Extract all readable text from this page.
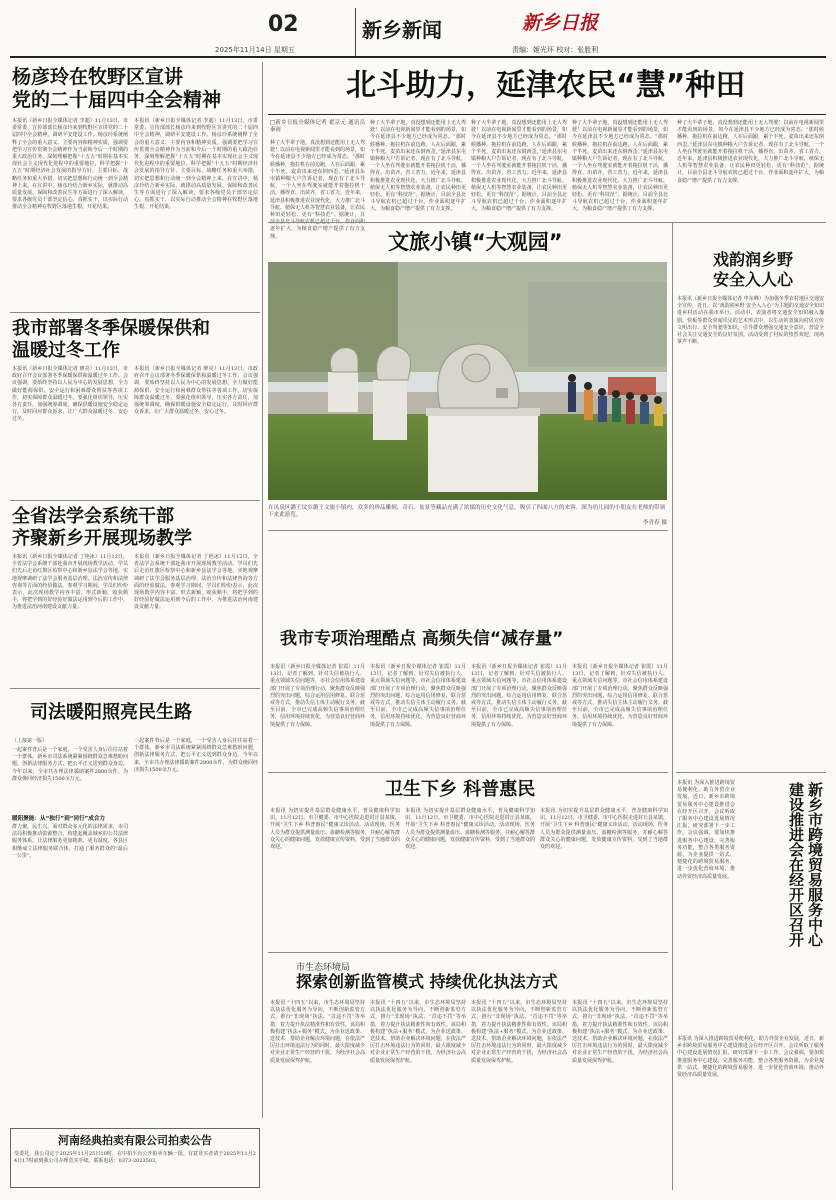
02
2025年11月14日 星期五
新乡新闻	新乡日报
责编：姬光环 校对：张胜利
杨彦玲在牧野区宣讲
党的二十届四中全会精神
本报讯（新乡日报全媒体记者 李超）11月13日，市委常委、宣传部部长杨彦玲来到牧野区宣讲党的二十届四中全会精神，调研平安建设工作。杨彦玲系统阐释了全会的重大意义、主要内容和精神实质，强调要把学习宣传贯彻全会精神作为当前和今后一个时期的重大政治任务，深刻理解把握“十五五”时期在基本实现社会主义现代化进程中的重要地位，科学把握“十五五”时期经济社会发展的指导方针、主要目标、战略任务和重大举措，切实把思想和行动统一到全会精神上来。在宣讲中，杨彦玲结合新乡实际，就推动高质量发展、保障和改善民生等方面进行了深入解读，要求各级党员干部坚定信心、真抓实干，以实际行动推动全会精神在牧野区落地生根、开花结果。
本报讯（新乡日报全媒体记者 李超）11月13日，市委常委、宣传部部长杨彦玲来到牧野区宣讲党的二十届四中全会精神，调研平安建设工作。杨彦玲系统阐释了全会的重大意义、主要内容和精神实质，强调要把学习宣传贯彻全会精神作为当前和今后一个时期的重大政治任务，深刻理解把握“十五五”时期在基本实现社会主义现代化进程中的重要地位，科学把握“十五五”时期经济社会发展的指导方针、主要目标、战略任务和重大举措，切实把思想和行动统一到全会精神上来。在宣讲中，杨彦玲结合新乡实际，就推动高质量发展、保障和改善民生等方面进行了深入解读，要求各级党员干部坚定信心、真抓实干，以实际行动推动全会精神在牧野区落地生根、开花结果。
我市部署冬季保暖保供和
温暖过冬工作
本报讯（新乡日报全媒体记者 廖亮）11月13日，市政府召开会议部署冬季保暖保供和温暖过冬工作。会议强调，要始终坚持以人民为中心的发展思想，全力做好能源保供、安全运行和困难群众帮扶等各项工作，切实保障群众温暖过冬。要强化组织领导，压实各方责任，加强统筹调度，确保供暖设施安全稳定运行，及时回应群众诉求，让广大群众温暖过冬、安心过冬。
本报讯（新乡日报全媒体记者 廖亮）11月13日，市政府召开会议部署冬季保暖保供和温暖过冬工作。会议强调，要始终坚持以人民为中心的发展思想，全力做好能源保供、安全运行和困难群众帮扶等各项工作，切实保障群众温暖过冬。要强化组织领导，压实各方责任，加强统筹调度，确保供暖设施安全稳定运行，及时回应群众诉求，让广大群众温暖过冬、安心过冬。
全省法学会系统干部
齐聚新乡开展现场教学
本报讯（新乡日报全媒体记者 丁艳冰）11月12日，全省法学会系统干部赴我市开展现场教学活动。学员们先后走访红旗区检察中心和新乡县法学会等地，实地观摩调研了法学会服务基层治理、法治宣传和法律咨询等方面的经验做法。参观学习期间，学员们纷纷表示，此次现场教学内容丰富、形式新颖，收获颇丰，将把学到的好经验好做法运用到今后的工作中，为推进法治河南建设贡献力量。
本报讯（新乡日报全媒体记者 丁艳冰）11月12日，全省法学会系统干部赴我市开展现场教学活动。学员们先后走访红旗区检察中心和新乡县法学会等地，实地观摩调研了法学会服务基层治理、法治宣传和法律咨询等方面的经验做法。参观学习期间，学员们纷纷表示，此次现场教学内容丰富、形式新颖，收获颇丰，将把学到的好经验好做法运用到今后的工作中，为推进法治河南建设贡献力量。
司法暖阳照亮民生路
（上接第一版）
一起案件背后是一个家庭，一个受害人身后往往站着一个群体。新乡市司法系统紧紧围绕群众急难愁盼问题，创新法律服务方式，把公平正义送到群众身边。今年以来，全市共办理法律援助案件2800余件，为群众挽回经济损失1500余万元。
暖阳聚能：从“独行”到“同行”成合力
群力聚，民生兴。面对群众多元化的法律需求，市司法局积极推动资源整合，构建起覆盖城乡的公共法律服务体系，让法律服务更加精准、更有温度。各县区相继成立法律服务联合体，打通了服务群众的“最后一公里”。
一起案件背后是一个家庭，一个受害人身后往往站着一个群体。新乡市司法系统紧紧围绕群众急难愁盼问题，创新法律服务方式，把公平正义送到群众身边。今年以来，全市共办理法律援助案件2800余件，为群众挽回经济损失1500余万元。
河南经典拍卖有限公司拍卖公告
受委托，我公司定于2025年11月25日10时，在中拍平台公开拍卖车辆一批。有意竞买者请于2025年11月24日17时前到我公司办理竞买手续。联系电话：0373-2023503。
北斗助力，延津农民“慧”种田
□新乡日报全媒体记者 翟京元 通讯员 秦雨
种了大半辈子地，真没想到还能用上无人驾驶！以前在电视新闻里才能看到的场景，如今在延津县不少地方已经成为常态。“那时候播种，拖拉机在前边跑，人在后面跟，累个半死，麦苗出来还东倒西歪。”延津县东屯镇种粮大户告诉记者，现在有了北斗导航，一个人坐在驾驶室就能开着拖拉机干活，播得直、出苗齐，省工省力。近年来，延津县积极推进农业现代化，大力推广北斗导航、植保无人机等智慧农业装备，让农民种田更轻松、更有“科技范”。据统计，目 逐年扩大，为粮食稳产增产提供了有力支撑。
种了大半辈子地，真没想到还能用上无人驾驶！以前在电视新闻里才能看到的场景，如今在延津县不少地方已经成为常态。“那时候播种，拖拉机在前边跑，人在后面跟，累个半死，麦苗出来还东倒西歪。”延津县东屯镇种粮大户告诉记者，现在有了北斗导航，一个人坐在驾驶室就能开着拖拉机干活，播得直、出苗齐，省工省力。近年来，延津县积极推进农业现代化，大力推广北斗导航、植保无人机等智慧农业装备，让农民种田更轻松、更有“科技范”。据统计，目前全县北斗导航农机已超过千台，作业面积逐年扩大，为粮食稳产增产提供了有力支撑。
种了大半辈子地，真没想到还能用上无人驾驶！以前在电视新闻里才能看到的场景，如今在延津县不少地方已经成为常态。“那时候播种，拖拉机在前边跑，人在后面跟，累个半死，麦苗出来还东倒西歪。”延津县东屯镇种粮大户告诉记者，现在有了北斗导航，一个人坐在驾驶室就能开着拖拉机干活，播得直、出苗齐，省工省力。近年来，延津县积极推进农业现代化，大力推广北斗导航、植保无人机等智慧农业装备，让农民种田更轻松、更有“科技范”。据统计，目前全县北斗导航农机已超过千台，作业面积逐年扩大，为粮食稳产增产提供了有力支撑。
种了大半辈子地，真没想到还能用上无人驾驶！以前在电视新闻里才能看到的场景，如今在延津县不少地方已经成为常态。“那时候播种，拖拉机在前边跑，人在后面跟，累个半死，麦苗出来还东倒西歪。”延津县东屯镇种粮大户告诉记者，现在有了北斗导航，一个人坐在驾驶室就能开着拖拉机干活，播得直、出苗齐，省工省力。近年来，延津县积极推进农业现代化，大力推广北斗导航、植保无人机等智慧农业装备，让农民种田更轻松、更有“科技范”。据统计，目前全县北斗导航农机已超过千台，作业面积逐年扩大，为粮食稳产增产提供了有力支撑。
种了大半辈子地，真没想到还能用上无人驾驶！以前在电视新闻里才能看到的场景，如今在延津县不少地方已经成为常态。“那时候播种，拖拉机在前边跑，人在后面跟，累个半死，麦苗出来还东倒西歪。”延津县东屯镇种粮大户告诉记者，现在有了北斗导航，一个人坐在驾驶室就能开着拖拉机干活，播得直、出苗齐，省工省力。近年来，延津县积极推进农业现代化，大力推广北斗导航、植保无人机等智慧农业装备，让农民种田更轻松、更有“科技范”。据统计，目前全县北斗导航农机已超过千台，作业面积逐年扩大，为粮食稳产增产提供了有力支撑。
文旅小镇“大观园”
在凤泉区潞王坟乡潞王文旅小镇内，众多的珍品雕刻、奇石、盆景等藏品充满了浓郁的历史文化气息，吸引了四面八方的来客。图为幼儿园的小朋友在老师的带领下来此游览。
李青春 摄
戏韵润乡野
安全入人心
本报讯（新乡日报全媒体记者 申东峰）为加强冬季农村地区交通安全宣传，近日，以“戏韵润乡野 安全入人心”为主题的交通安全知识进乡村活动在我市举行。活动中，表演者将交通安全知识融入豫剧、快板等群众喜闻乐见的艺术形式中，以生动的表演向村民宣传文明出行、安全驾驶等知识，引导群众增强交通安全意识，营造全社会关注交通安全的良好氛围。活动受到了村民的热烈欢迎，现场掌声不断。
我市专项治理酷点 高频失信“减存量”
本报讯（新乡日报全媒体记者 崔霞）11月13日，记者了解到，针对失信被执行人、重点领域失信问题等，市社会信用体系建设部门开展了专项治理行动，聚焦群众反映强烈的突出问题，综合运用信用修复、联合惩戒等方式，推动失信主体主动履行义务。截至目前，全市已完成高频失信事项治理任务，信用环境持续优化，为营造良好营商环境提供了有力保障。
本报讯（新乡日报全媒体记者 崔霞）11月13日，记者了解到，针对失信被执行人、重点领域失信问题等，市社会信用体系建设部门开展了专项治理行动，聚焦群众反映强烈的突出问题，综合运用信用修复、联合惩戒等方式，推动失信主体主动履行义务。截至目前，全市已完成高频失信事项治理任务，信用环境持续优化，为营造良好营商环境提供了有力保障。
本报讯（新乡日报全媒体记者 崔霞）11月13日，记者了解到，针对失信被执行人、重点领域失信问题等，市社会信用体系建设部门开展了专项治理行动，聚焦群众反映强烈的突出问题，综合运用信用修复、联合惩戒等方式，推动失信主体主动履行义务。截至目前，全市已完成高频失信事项治理任务，信用环境持续优化，为营造良好营商环境提供了有力保障。
本报讯（新乡日报全媒体记者 崔霞）11月13日，记者了解到，针对失信被执行人、重点领域失信问题等，市社会信用体系建设部门开展了专项治理行动，聚焦群众反映强烈的突出问题，综合运用信用修复、联合惩戒等方式，推动失信主体主动履行义务。截至目前，全市已完成高频失信事项治理任务，信用环境持续优化，为营造良好营商环境提供了有力保障。
卫生下乡 科普惠民
本报讯 为切实提升基层群众健康水平，普及健康科学知识，11月12日，市卫健委、市中心医院走进封丘县某镇，开展“卫生下乡 科普惠民”健康义诊活动。活动现场，医务人员为群众提供测量血压、血糖检测等服务，并耐心解答群众关心的健康问题，发放健康宣传资料，受到了当地群众的欢迎。
本报讯 为切实提升基层群众健康水平，普及健康科学知识，11月12日，市卫健委、市中心医院走进封丘县某镇，开展“卫生下乡 科普惠民”健康义诊活动。活动现场，医务人员为群众提供测量血压、血糖检测等服务，并耐心解答群众关心的健康问题，发放健康宣传资料，受到了当地群众的欢迎。
本报讯 为切实提升基层群众健康水平，普及健康科学知识，11月12日，市卫健委、市中心医院走进封丘县某镇，开展“卫生下乡 科普惠民”健康义诊活动。活动现场，医务人员为群众提供测量血压、血糖检测等服务，并耐心解答群众关心的健康问题，发放健康宣传资料，受到了当地群众的欢迎。
市生态环境局
探索创新监管模式 持续优化执法方式
本报讯 “十四五”以来，市生态环境局坚持以执法优化服务为导向，不断创新监管方式，推行“非现场”执法、“首违不罚”等举措，着力提升执法精准性和有效性。该局积极构建“执法+服务”模式，为企业送政策、送技术，帮助企业解决环境问题，在依法严厉打击环境违法行为的同时，最大限度减少对企业正常生产经营的干扰，为经济社会高质量发展保驾护航。
本报讯 “十四五”以来，市生态环境局坚持以执法优化服务为导向，不断创新监管方式，推行“非现场”执法、“首违不罚”等举措，着力提升执法精准性和有效性。该局积极构建“执法+服务”模式，为企业送政策、送技术，帮助企业解决环境问题，在依法严厉打击环境违法行为的同时，最大限度减少对企业正常生产经营的干扰，为经济社会高质量发展保驾护航。
本报讯 “十四五”以来，市生态环境局坚持以执法优化服务为导向，不断创新监管方式，推行“非现场”执法、“首违不罚”等举措，着力提升执法精准性和有效性。该局积极构建“执法+服务”模式，为企业送政策、送技术，帮助企业解决环境问题，在依法严厉打击环境违法行为的同时，最大限度减少对企业正常生产经营的干扰，为经济社会高质量发展保驾护航。
本报讯 “十四五”以来，市生态环境局坚持以执法优化服务为导向，不断创新监管方式，推行“非现场”执法、“首违不罚”等举措，着力提升执法精准性和有效性。该局积极构建“执法+服务”模式，为企业送政策、送技术，帮助企业解决环境问题，在依法严厉打击环境违法行为的同时，最大限度减少对企业正常生产经营的干扰，为经济社会高质量发展保驾护航。
新乡市跨境贸易服务中心
建设推进会在经开区召开
本报讯 为深入推进跨境贸易便利化，助力外贸企业发展，近日，新乡市跨境贸易服务中心建设推进会在经开区召开。会议听取了服务中心建设进展情况汇报，研究部署下一步工作。会议强调，要加快推进服务中心建设，完善服务功能，整合各类服务资源，为企业提供一站式、便捷化的跨境贸易服务，进一步优化营商环境，推动外贸经济高质量发展。
本报讯 为深入推进跨境贸易便利化，助力外贸企业发展，近日，新乡市跨境贸易服务中心建设推进会在经开区召开。会议听取了服务中心建设进展情况汇报，研究部署下一步工作。会议强调，要加快推进服务中心建设，完善服务功能，整合各类服务资源，为企业提供一站式、便捷化的跨境贸易服务，进一步优化营商环境，推动外贸经济高质量发展。
